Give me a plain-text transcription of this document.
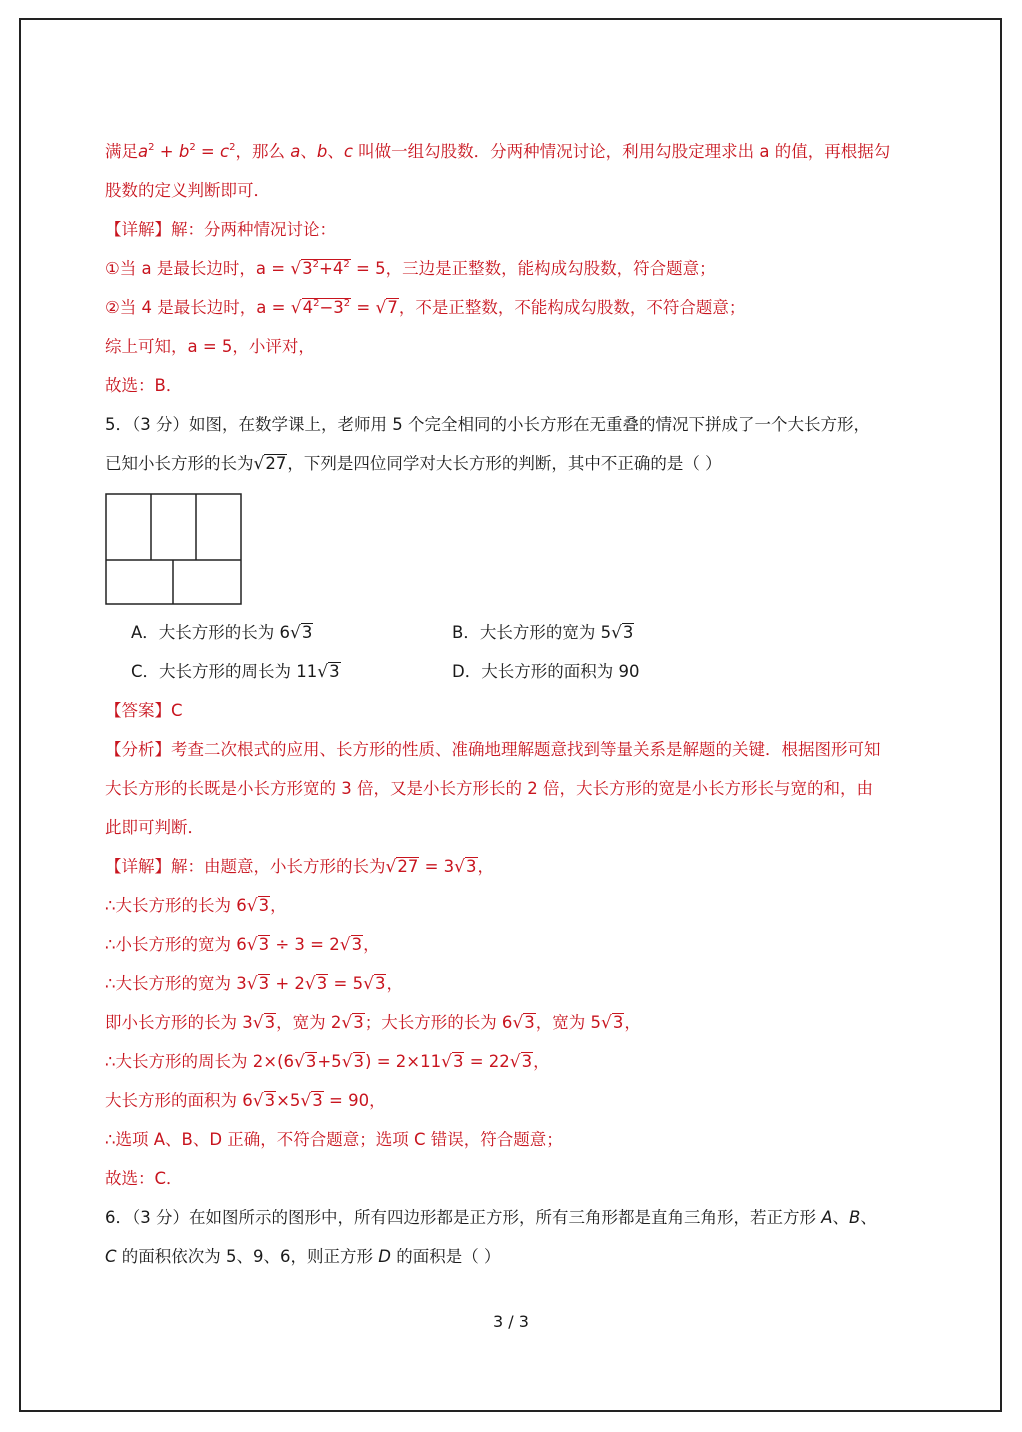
满足$a^2 + b^2 = c^2$，那么 a、b、c 叫做一组勾股数．分两种情况讨论，利用勾股定理求出 a 的值，再根据勾
股数的定义判断即可．
【详解】解：分两种情况讨论：
①当 a 是最长边时，$a = √3^2+4^2 = 5$，三边是正整数，能构成勾股数，符合题意；
②当 4 是最长边时，$a = √4^2-3^2 = √7$，不是正整数，不能构成勾股数，不符合题意；
综上可知，a = 5，小评对，
故选：B．
5．（3 分）如图，在数学课上，老师用 5 个完全相同的小长方形在无重叠的情况下拼成了一个大长方形，
已知小长方形的长为√27，下列是四位同学对大长方形的判断，其中不正确的是（ ）
A．大长方形的长为 6√3	B．大长方形的宽为 5√3
C．大长方形的周长为 11√3	D．大长方形的面积为 90
【答案】C
【分析】考查二次根式的应用、长方形的性质、准确地理解题意找到等量关系是解题的关键．根据图形可知
大长方形的长既是小长方形宽的 3 倍，又是小长方形长的 2 倍，大长方形的宽是小长方形长与宽的和，由
此即可判断．
【详解】解：由题意，小长方形的长为√27 = 3√3，
∴大长方形的长为 6√3，
∴小长方形的宽为 6√3 ÷ 3 = 2√3，
∴大长方形的宽为 3√3 + 2√3 = 5√3，
即小长方形的长为 3√3，宽为 2√3；大长方形的长为 6√3，宽为 5√3，
∴大长方形的周长为 2×(6√3+5√3) = 2×11√3 = 22√3，
大长方形的面积为 6√3×5√3 = 90，
∴选项 A、B、D 正确，不符合题意；选项 C 错误，符合题意；
故选：C．
6．（3 分）在如图所示的图形中，所有四边形都是正方形，所有三角形都是直角三角形，若正方形 A、B、
C 的面积依次为 5、9、6，则正方形 D 的面积是（ ）
3 / 3
